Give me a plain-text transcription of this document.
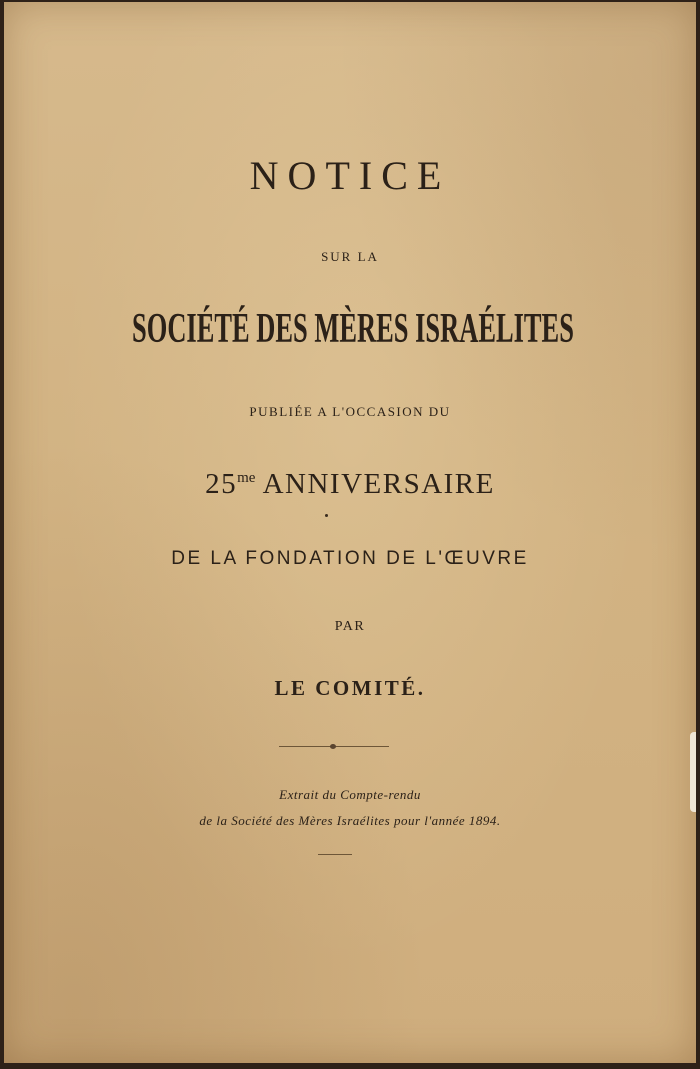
NOTICE
SUR LA
SOCIÉTÉ DES MÈRES ISRAÉLITES
PUBLIÉE A L'OCCASION DU
$25^{me}$ ANNIVERSAIRE
DE LA FONDATION DE L'ŒUVRE
PAR
LE COMITÉ.
Extrait du Compte-rendu
de la Société des Mères Israélites pour l'année 1894.
